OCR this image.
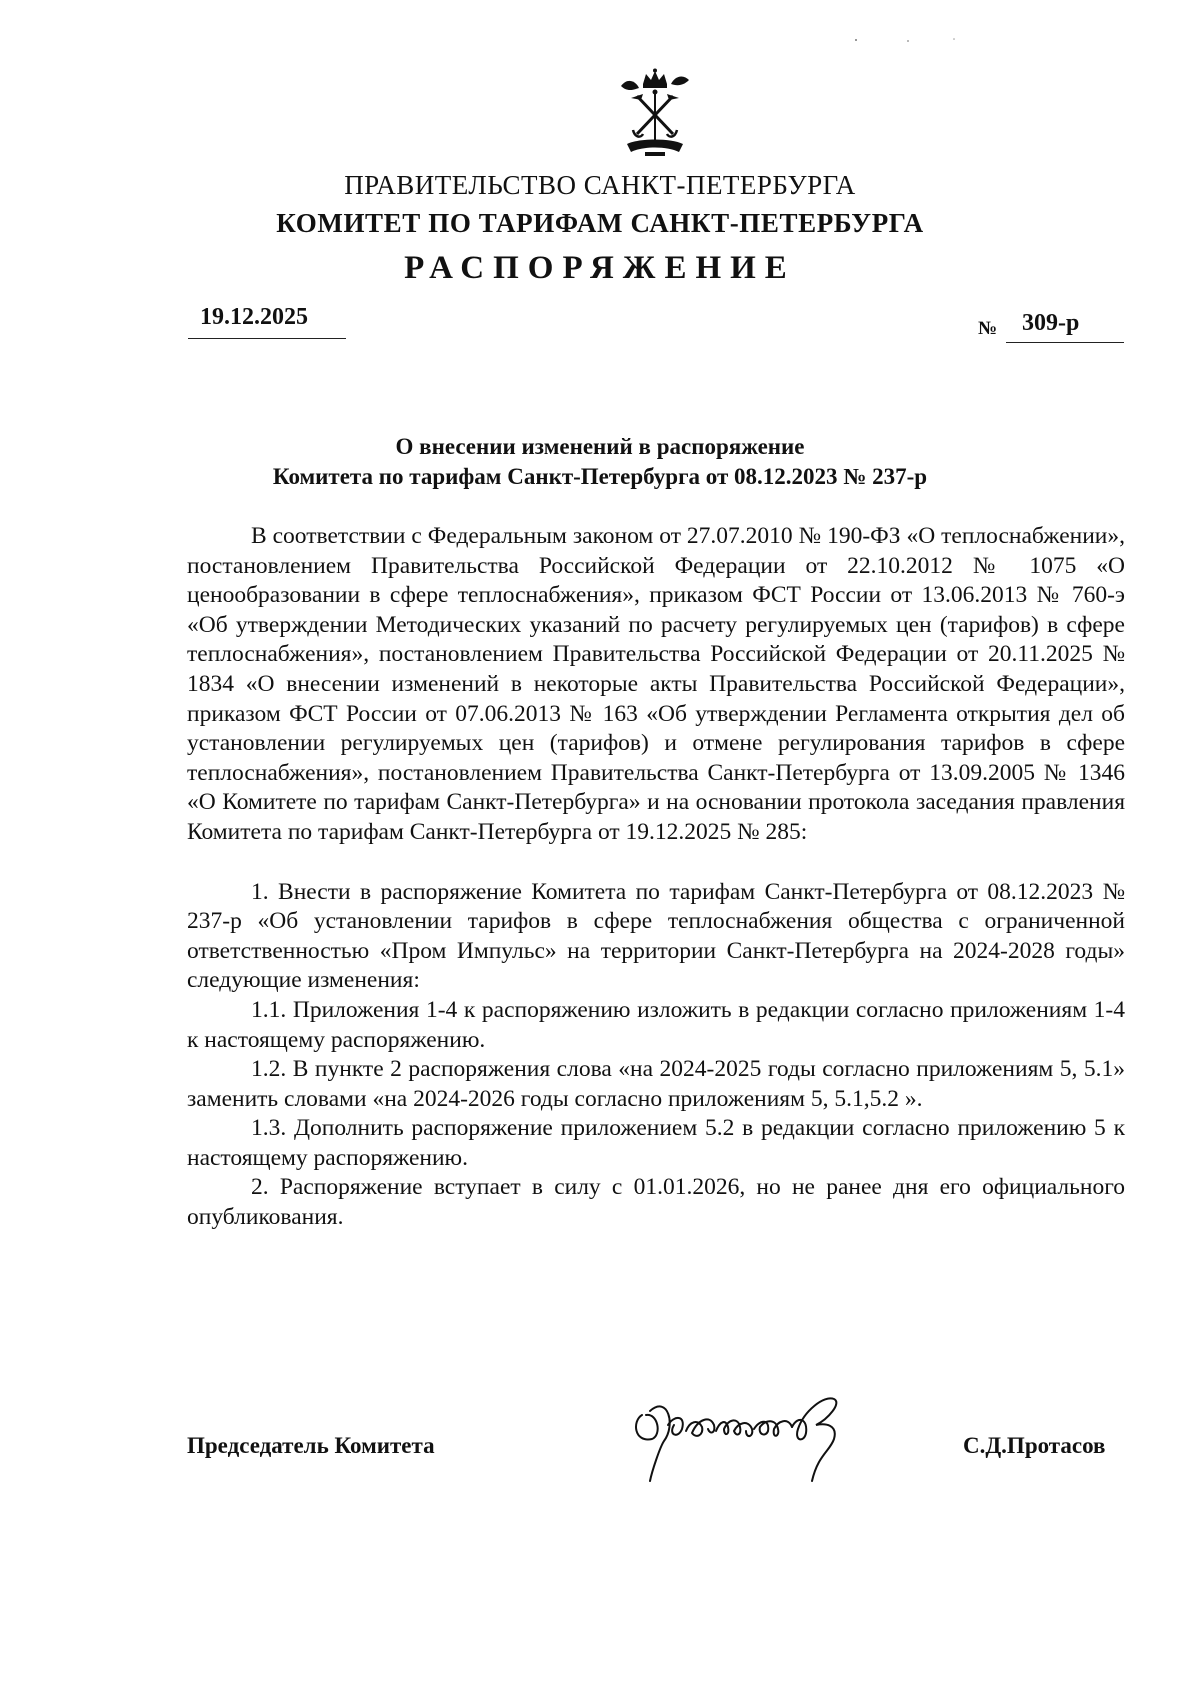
ПРАВИТЕЛЬСТВО САНКТ-ПЕТЕРБУРГА
КОМИТЕТ ПО ТАРИФАМ САНКТ-ПЕТЕРБУРГА
РАСПОРЯЖЕНИЕ
19.12.2025	№ 309-р
О внесении изменений в распоряжение
Комитета по тарифам Санкт-Петербурга от 08.12.2023 № 237-р

В соответствии с Федеральным законом от 27.07.2010 № 190-ФЗ «О теплоснабжении», постановлением Правительства Российской Федерации от 22.10.2012 № 1075 «О ценообразовании в сфере теплоснабжения», приказом ФСТ России от 13.06.2013 № 760-э «Об утверждении Методических указаний по расчету регулируемых цен (тарифов) в сфере теплоснабжения», постановлением Правительства Российской Федерации от 20.11.2025 № 1834 «О внесении изменений в некоторые акты Правительства Российской Федерации», приказом ФСТ России от 07.06.2013 № 163 «Об утверждении Регламента открытия дел об установлении регулируемых цен (тарифов) и отмене регулирования тарифов в сфере теплоснабжения», постановлением Правительства Санкт-Петербурга от 13.09.2005 № 1346 «О Комитете по тарифам Санкт-Петербурга» и на основании протокола заседания правления Комитета по тарифам Санкт-Петербурга от 19.12.2025 № 285:

1. Внести в распоряжение Комитета по тарифам Санкт-Петербурга от 08.12.2023 № 237-р «Об установлении тарифов в сфере теплоснабжения общества с ограниченной ответственностью «Пром Импульс» на территории Санкт-Петербурга на 2024-2028 годы» следующие изменения:

1.1. Приложения 1-4 к распоряжению изложить в редакции согласно приложениям 1-4 к настоящему распоряжению.

1.2. В пункте 2 распоряжения слова «на 2024-2025 годы согласно приложениям 5, 5.1» заменить словами «на 2024-2026 годы согласно приложениям 5, 5.1,5.2 ».

1.3. Дополнить распоряжение приложением 5.2 в редакции согласно приложению 5 к настоящему распоряжению.

2. Распоряжение вступает в силу с 01.01.2026, но не ранее дня его официального опубликования.

Председатель Комитета	С.Д.Протасов
